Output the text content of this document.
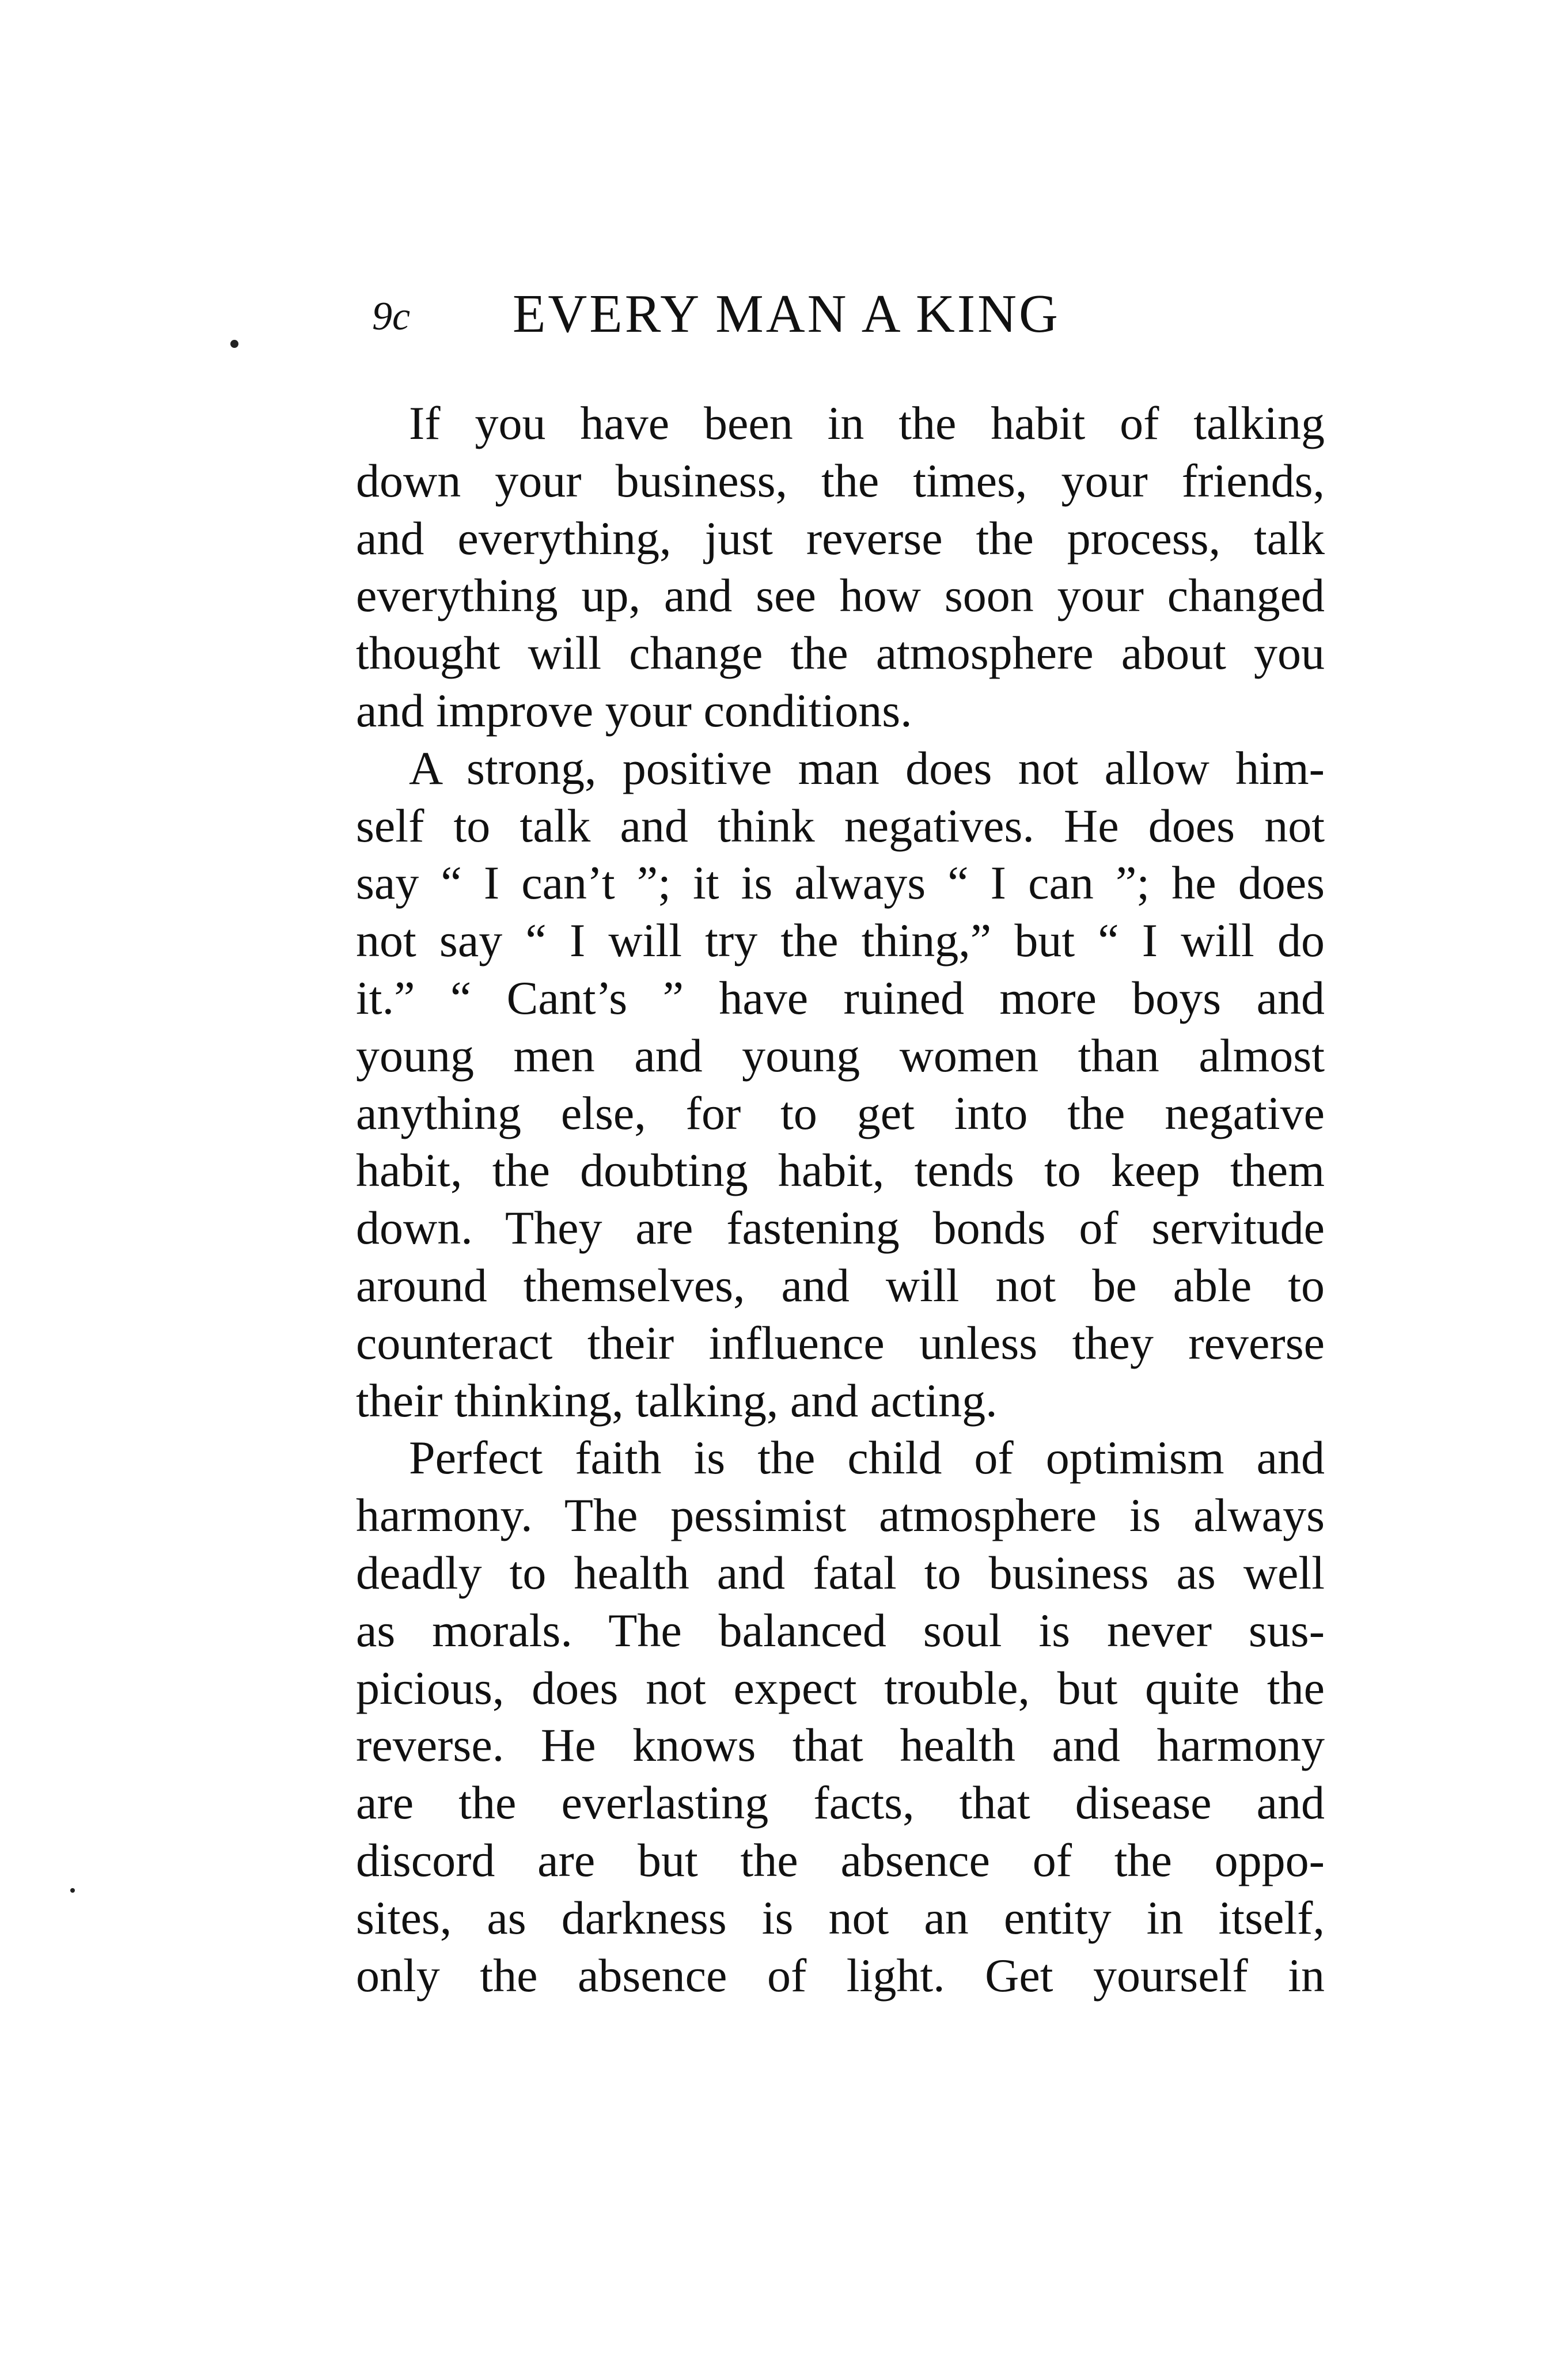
9c EVERY MAN A KING
If you have been in the habit of talking
down your business, the times, your friends,
and everything, just reverse the process, talk
everything up, and see how soon your changed
thought will change the atmosphere about you
and improve your conditions.
A strong, positive man does not allow him-
self to talk and think negatives. He does not
say “ I can’t ”; it is always “ I can ”; he does
not say “ I will try the thing,” but “ I will do
it.” “ Cant’s ” have ruined more boys and
young men and young women than almost
anything else, for to get into the negative
habit, the doubting habit, tends to keep them
down. They are fastening bonds of servitude
around themselves, and will not be able to
counteract their influence unless they reverse
their thinking, talking, and acting.
Perfect faith is the child of optimism and
harmony. The pessimist atmosphere is always
deadly to health and fatal to business as well
as morals. The balanced soul is never sus-
picious, does not expect trouble, but quite the
reverse. He knows that health and harmony
are the everlasting facts, that disease and
discord are but the absence of the oppo-
sites, as darkness is not an entity in itself,
only the absence of light. Get yourself in
